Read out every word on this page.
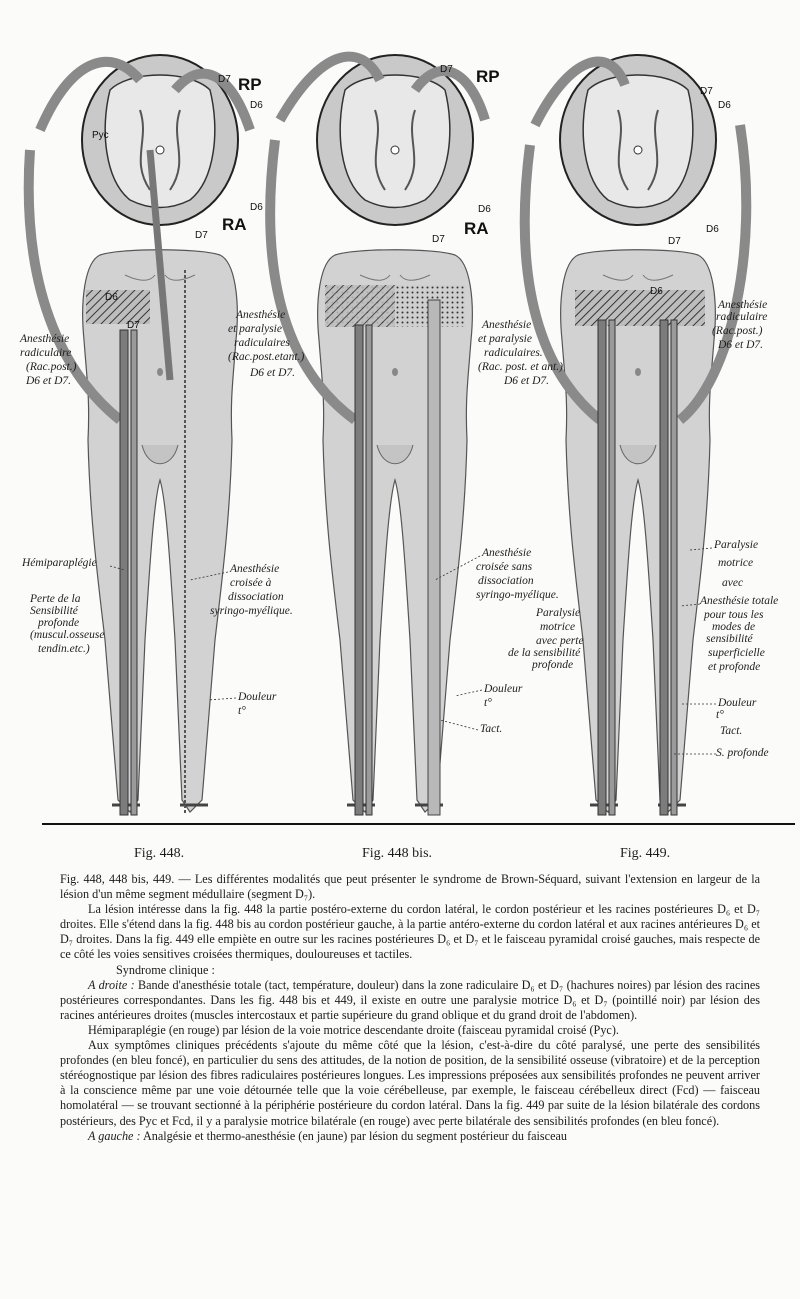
D7 RP
D6
Pyc
D6
RA
D7
D6
D7
Anesthésie
radiculaire
(Rac.post.)
D6 et D7.
Anesthésie
et paralysie
radiculaires
(Rac.post.etant.)
D6 et D7.
Hémiparaplégie
Perte de la
Sensibilité
profonde
(muscul.osseuse
tendin.etc.)
Anesthésie
croisée à
dissociation
syringo-myélique.
Douleur
t°
D7 RP
D6
RA
D7
Anesthésie
et paralysie
radiculaires.
(Rac. post. et ant.)
D6 et D7.
Anesthésie
croisée sans
dissociation
syringo-myélique.
Paralysie
motrice
avec perte
de la sensibilité
profonde
Douleur
t°
Tact.
D7
D6
D6
D7
D6
Anesthésie
radiculaire
(Rac.post.)
D6 et D7.
Paralysie
motrice
avec
Anesthésie totale
pour tous les
modes de
sensibilité
superficielle
et profonde
Douleur
t°
Tact.
S. profonde
Fig. 448.	Fig. 448 bis.	Fig. 449.

Fig. 448, 448 bis, 449. — Les différentes modalités que peut présenter le syndrome de Brown-Séquard, suivant l'extension en largeur de la lésion d'un même segment médullaire (segment D₇).

La lésion intéresse dans la fig. 448 la partie postéro-externe du cordon latéral, le cordon postérieur et les racines postérieures D₆ et D₇ droites. Elle s'étend dans la fig. 448 bis au cordon postérieur gauche, à la partie antéro-externe du cordon latéral et aux racines antérieures D₆ et D₇ droites. Dans la fig. 449 elle empiète en outre sur les racines postérieures D₆ et D₇ et le faisceau pyramidal croisé gauches, mais respecte de ce côté les voies sensitives croisées thermiques, douloureuses et tactiles.

Syndrome clinique :

A droite : Bande d'anesthésie totale (tact, température, douleur) dans la zone radiculaire D₆ et D₇ (hachures noires) par lésion des racines postérieures correspondantes. Dans les fig. 448 bis et 449, il existe en outre une paralysie motrice D₆ et D₇ (pointillé noir) par lésion des racines antérieures droites (muscles intercostaux et partie supérieure du grand oblique et du grand droit de l'abdomen).

Hémiparaplégie (en rouge) par lésion de la voie motrice descendante droite (faisceau pyramidal croisé (Pyc).

Aux symptômes cliniques précédents s'ajoute du même côté que la lésion, c'est-à-dire du côté paralysé, une perte des sensibilités profondes (en bleu foncé), en particulier du sens des attitudes, de la notion de position, de la sensibilité osseuse (vibratoire) et de la perception stéréognostique par lésion des fibres radiculaires postérieures longues. Les impressions préposées aux sensibilités profondes ne peuvent arriver à la conscience même par une voie détournée telle que la voie cérébelleuse, par exemple, le faisceau cérébelleux direct (Fcd) — faisceau homolatéral — se trouvant sectionné à la périphérie postérieure du cordon latéral. Dans la fig. 449 par suite de la lésion bilatérale des cordons postérieurs, des Pyc et Fcd, il y a paralysie motrice bilatérale (en rouge) avec perte bilatérale des sensibilités profondes (en bleu foncé).

A gauche : Analgésie et thermo-anesthésie (en jaune) par lésion du segment postérieur du faisceau
